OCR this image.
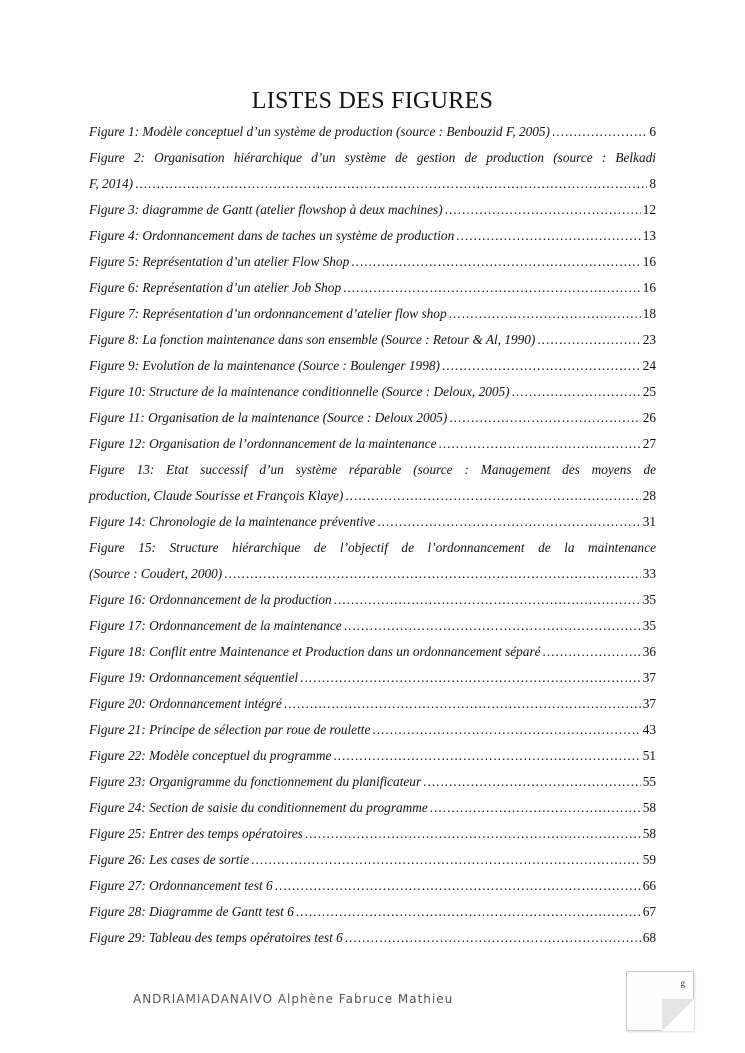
LISTES DES FIGURES
Figure 1: Modèle conceptuel d’un système de production (source : Benbouzid F, 2005) .....	6
Figure 2: Organisation hiérarchique d’un système de gestion de production (source : Belkadi
F, 2014) .....	8
Figure 3: diagramme de Gantt (atelier flowshop à deux machines) .....	12
Figure 4: Ordonnancement dans de taches un système de production .....	13
Figure 5: Représentation d’un atelier Flow Shop .....	16
Figure 6: Représentation d’un atelier Job Shop .....	16
Figure 7: Représentation d’un ordonnancement d’atelier flow shop .....	18
Figure 8: La fonction maintenance dans son ensemble (Source : Retour & Al, 1990) .....	23
Figure 9: Evolution de la maintenance (Source : Boulenger 1998) .....	24
Figure 10: Structure de la maintenance conditionnelle (Source : Deloux, 2005) .....	25
Figure 11: Organisation de la maintenance (Source : Deloux 2005) .....	26
Figure 12: Organisation de l’ordonnancement de la maintenance .....	27
Figure 13: Etat successif d’un système réparable (source : Management des moyens de
production, Claude Sourisse et François Klaye) .....	28
Figure 14: Chronologie de la maintenance préventive .....	31
Figure 15: Structure hiérarchique de l’objectif de l’ordonnancement de la maintenance
(Source : Coudert, 2000) .....	33
Figure 16: Ordonnancement de la production .....	35
Figure 17: Ordonnancement de la maintenance .....	35
Figure 18: Conflit entre Maintenance et Production dans un ordonnancement séparé .....	36
Figure 19: Ordonnancement séquentiel .....	37
Figure 20: Ordonnancement intégré .....	37
Figure 21: Principe de sélection par roue de roulette .....	43
Figure 22: Modèle conceptuel du programme .....	51
Figure 23: Organigramme du fonctionnement du planificateur .....	55
Figure 24: Section de saisie du conditionnement du programme .....	58
Figure 25: Entrer des temps opératoires .....	58
Figure 26: Les cases de sortie .....	59
Figure 27: Ordonnancement test 6 .....	66
Figure 28: Diagramme de Gantt test 6 .....	67
Figure 29: Tableau des temps opératoires test 6 .....	68
ANDRIAMIADANAIVO Alphène Fabruce Mathieu
g
